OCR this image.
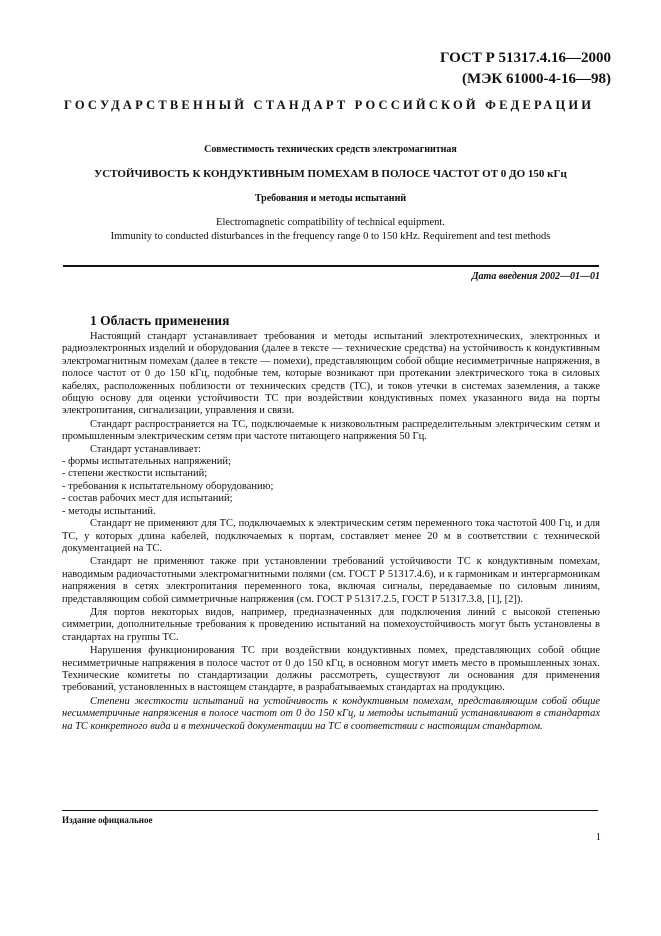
ГОСТ Р 51317.4.16—2000
(МЭК 61000-4-16—98)
ГОСУДАРСТВЕННЫЙ СТАНДАРТ РОССИЙСКОЙ ФЕДЕРАЦИИ
Совместимость технических средств электромагнитная
УСТОЙЧИВОСТЬ К КОНДУКТИВНЫМ ПОМЕХАМ В ПОЛОСЕ ЧАСТОТ ОТ 0 ДО 150 кГц
Требования и методы испытаний
Electromagnetic compatibility of technical equipment.
Immunity to conducted disturbances in the frequency range 0 to 150 kHz. Requirement and test methods
Дата введения 2002—01—01
1 Область применения

Настоящий стандарт устанавливает требования и методы испытаний электротехнических, электронных и радиоэлектронных изделий и оборудования (далее в тексте — технические средства) на устойчивость к кондуктивным электромагнитным помехам (далее в тексте — помехи), представляющим собой общие несимметричные напряжения, в полосе частот от 0 до 150 кГц, подобные тем, которые возникают при протекании электрического тока в силовых кабелях, расположенных поблизости от технических средств (ТС), и токов утечки в системах заземления, а также общую основу для оценки устойчивости ТС при воздействии кондуктивных помех указанного вида на порты электропитания, сигнализации, управления и связи.

Стандарт распространяется на ТС, подключаемые к низковольтным распределительным электрическим сетям и промышленным электрическим сетям при частоте питающего напряжения 50 Гц.

Стандарт устанавливает:

- формы испытательных напряжений;

- степени жесткости испытаний;

- требования к испытательному оборудованию;

- состав рабочих мест для испытаний;

- методы испытаний.

Стандарт не применяют для ТС, подключаемых к электрическим сетям переменного тока частотой 400 Гц, и для ТС, у которых длина кабелей, подключаемых к портам, составляет менее 20 м в соответствии с технической документацией на ТС.

Стандарт не применяют также при установлении требований устойчивости ТС к кондуктивным помехам, наводимым радиочастотными электромагнитными полями (см. ГОСТ Р 51317.4.6), и к гармоникам и интергармоникам напряжения в сетях электропитания переменного тока, включая сигналы, передаваемые по силовым линиям, представляющим собой симметричные напряжения (см. ГОСТ Р 51317.2.5, ГОСТ Р 51317.3.8, [1], [2]).

Для портов некоторых видов, например, предназначенных для подключения линий с высокой степенью симметрии, дополнительные требования к проведению испытаний на помехоустойчивость могут быть установлены в стандартах на группы ТС.

Нарушения функционирования ТС при воздействии кондуктивных помех, представляющих собой общие несимметричные напряжения в полосе частот от 0 до 150 кГц, в основном могут иметь место в промышленных зонах. Технические комитеты по стандартизации должны рассмотреть, существуют ли основания для применения требований, установленных в настоящем стандарте, в разрабатываемых стандартах на продукцию.

Степени жесткости испытаний на устойчивость к кондуктивным помехам, представляющим собой общие несимметричные напряжения в полосе частот от 0 до 150 кГц, и методы испытаний устанавливают в стандартах на ТС конкретного вида и в технической документации на ТС в соответствии с настоящим стандартом.

Издание официальное
1
